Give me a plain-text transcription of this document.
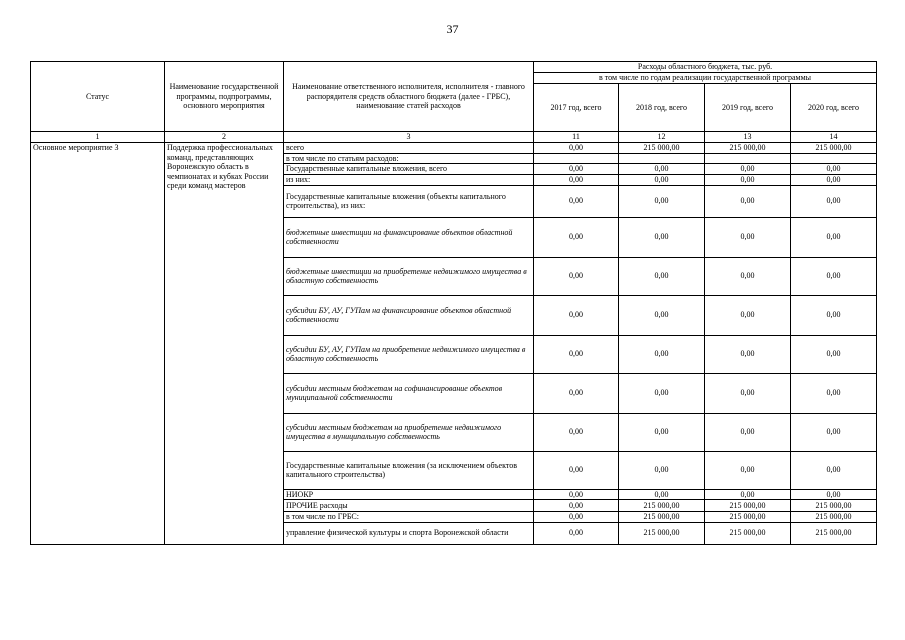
37
Статус	Наименование государственной программы, подпрограммы, основного мероприятия	Наименование ответственного исполнителя, исполнителя - главного распорядителя средств областного бюджета (далее - ГРБС), наименование статей расходов	Расходы областного бюджета, тыс. руб.			
			в том числе по годам реализации государственной программы			
			2017 год, всего	2018 год, всего	2019 год, всего	2020 год, всего
1	2	3	11	12	13	14
Основное мероприятие 3	Поддержка профессиональных команд, представляющих Воронежскую область в чемпионатах и кубках России среди команд мастеров	всего	0,00	215 000,00	215 000,00	215 000,00
		в том числе по статьям расходов:				
		Государственные капитальные вложения, всего	0,00	0,00	0,00	0,00
		из них:	0,00	0,00	0,00	0,00
		Государственные капитальные вложения (объекты капитального строительства), из них:	0,00	0,00	0,00	0,00
		бюджетные инвестиции на финансирование объектов областной собственности	0,00	0,00	0,00	0,00
		бюджетные инвестиции на приобретение недвижимого имущества в областную собственность	0,00	0,00	0,00	0,00
		субсидии БУ, АУ, ГУПам на финансирование объектов областной собственности	0,00	0,00	0,00	0,00
		субсидии БУ, АУ, ГУПам на приобретение недвижимого имущества в областную собственность	0,00	0,00	0,00	0,00
		субсидии местным бюджетам на софинансирование объектов муниципальной собственности	0,00	0,00	0,00	0,00
		субсидии местным бюджетам на приобретение недвижимого имущества в муниципальную собственность	0,00	0,00	0,00	0,00
		Государственные капитальные вложения (за исключением объектов капитального строительства)	0,00	0,00	0,00	0,00
		НИОКР	0,00	0,00	0,00	0,00
		ПРОЧИЕ расходы	0,00	215 000,00	215 000,00	215 000,00
		в том числе по ГРБС:	0,00	215 000,00	215 000,00	215 000,00
		управление физической культуры и спорта Воронежской области	0,00	215 000,00	215 000,00	215 000,00
